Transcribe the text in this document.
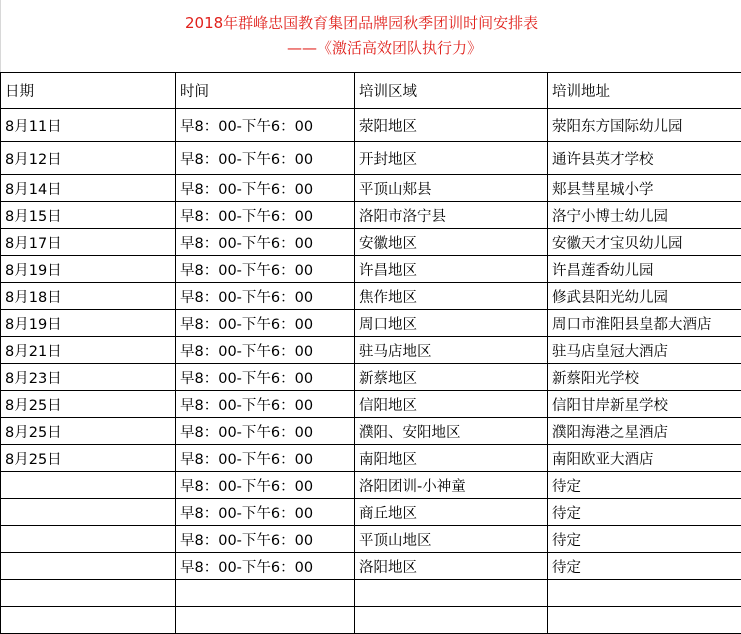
2018年群峰忠国教育集团品牌园秋季团训时间安排表
——《激活高效团队执行力》
日期	时间	培训区域	培训地址
8月11日	早8：00-下午6：00	荥阳地区	荥阳东方国际幼儿园
8月12日	早8：00-下午6：00	开封地区	通许县英才学校
8月14日	早8：00-下午6：00	平顶山郏县	郏县彗星城小学
8月15日	早8：00-下午6：00	洛阳市洛宁县	洛宁小博士幼儿园
8月17日	早8：00-下午6：00	安徽地区	安徽天才宝贝幼儿园
8月19日	早8：00-下午6：00	许昌地区	许昌莲香幼儿园
8月18日	早8：00-下午6：00	焦作地区	修武县阳光幼儿园
8月19日	早8：00-下午6：00	周口地区	周口市淮阳县皇都大酒店
8月21日	早8：00-下午6：00	驻马店地区	驻马店皇冠大酒店
8月23日	早8：00-下午6：00	新蔡地区	新蔡阳光学校
8月25日	早8：00-下午6：00	信阳地区	信阳甘岸新星学校
8月25日	早8：00-下午6：00	濮阳、安阳地区	濮阳海港之星酒店
8月25日	早8：00-下午6：00	南阳地区	南阳欧亚大酒店
	早8：00-下午6：00	洛阳团训-小神童	待定
	早8：00-下午6：00	商丘地区	待定
	早8：00-下午6：00	平顶山地区	待定
	早8：00-下午6：00	洛阳地区	待定
